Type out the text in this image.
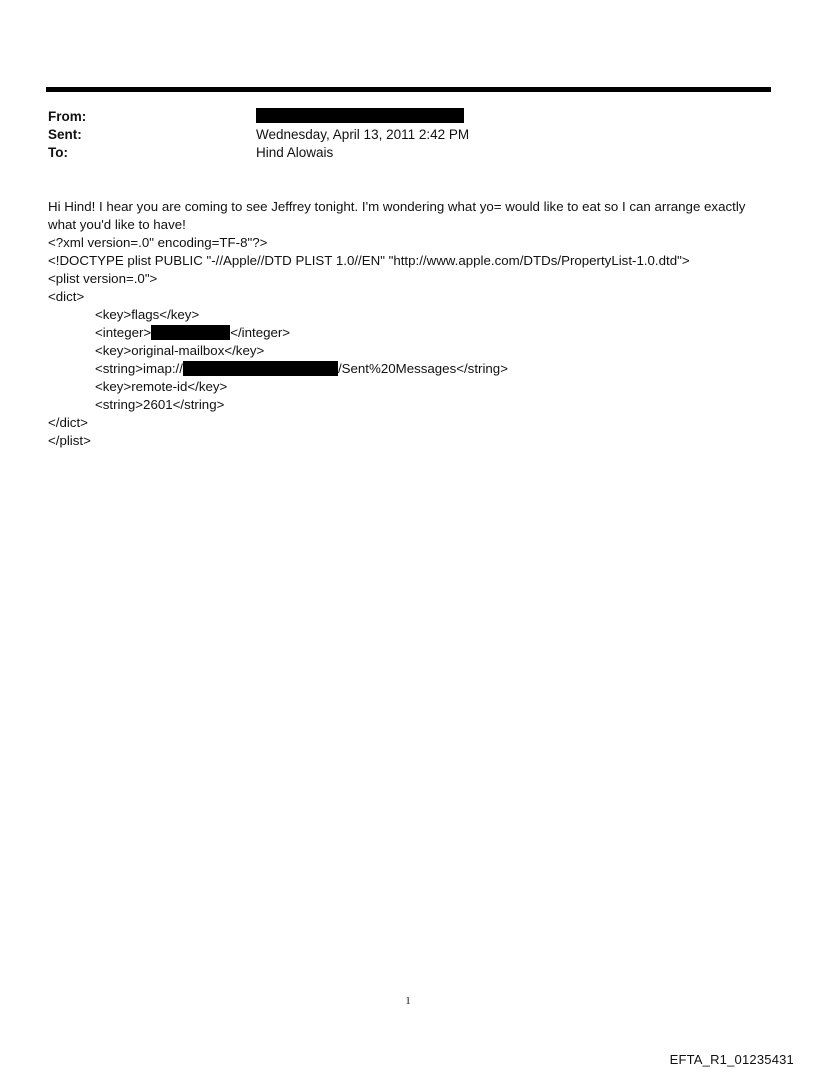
From:
Sent:	Wednesday, April 13, 2011 2:42 PM
To:	Hind Alowais
Hi Hind! I hear you are coming to see Jeffrey tonight. I'm wondering what yo= would like to eat so I can arrange exactly what you'd like to have!
<?xml version=.0" encoding=TF-8"?>
<!DOCTYPE plist PUBLIC "-//Apple//DTD PLIST 1.0//EN" "http://www.apple.com/DTDs/PropertyList-1.0.dtd">
<plist version=.0">
<dict>
<key>flags</key>
<integer>	</integer>
<key>original-mailbox</key>
<string>imap://	/Sent%20Messages</string>
<key>remote-id</key>
<string>2601</string>
</dict>
</plist>
1
EFTA_R1_01235431
